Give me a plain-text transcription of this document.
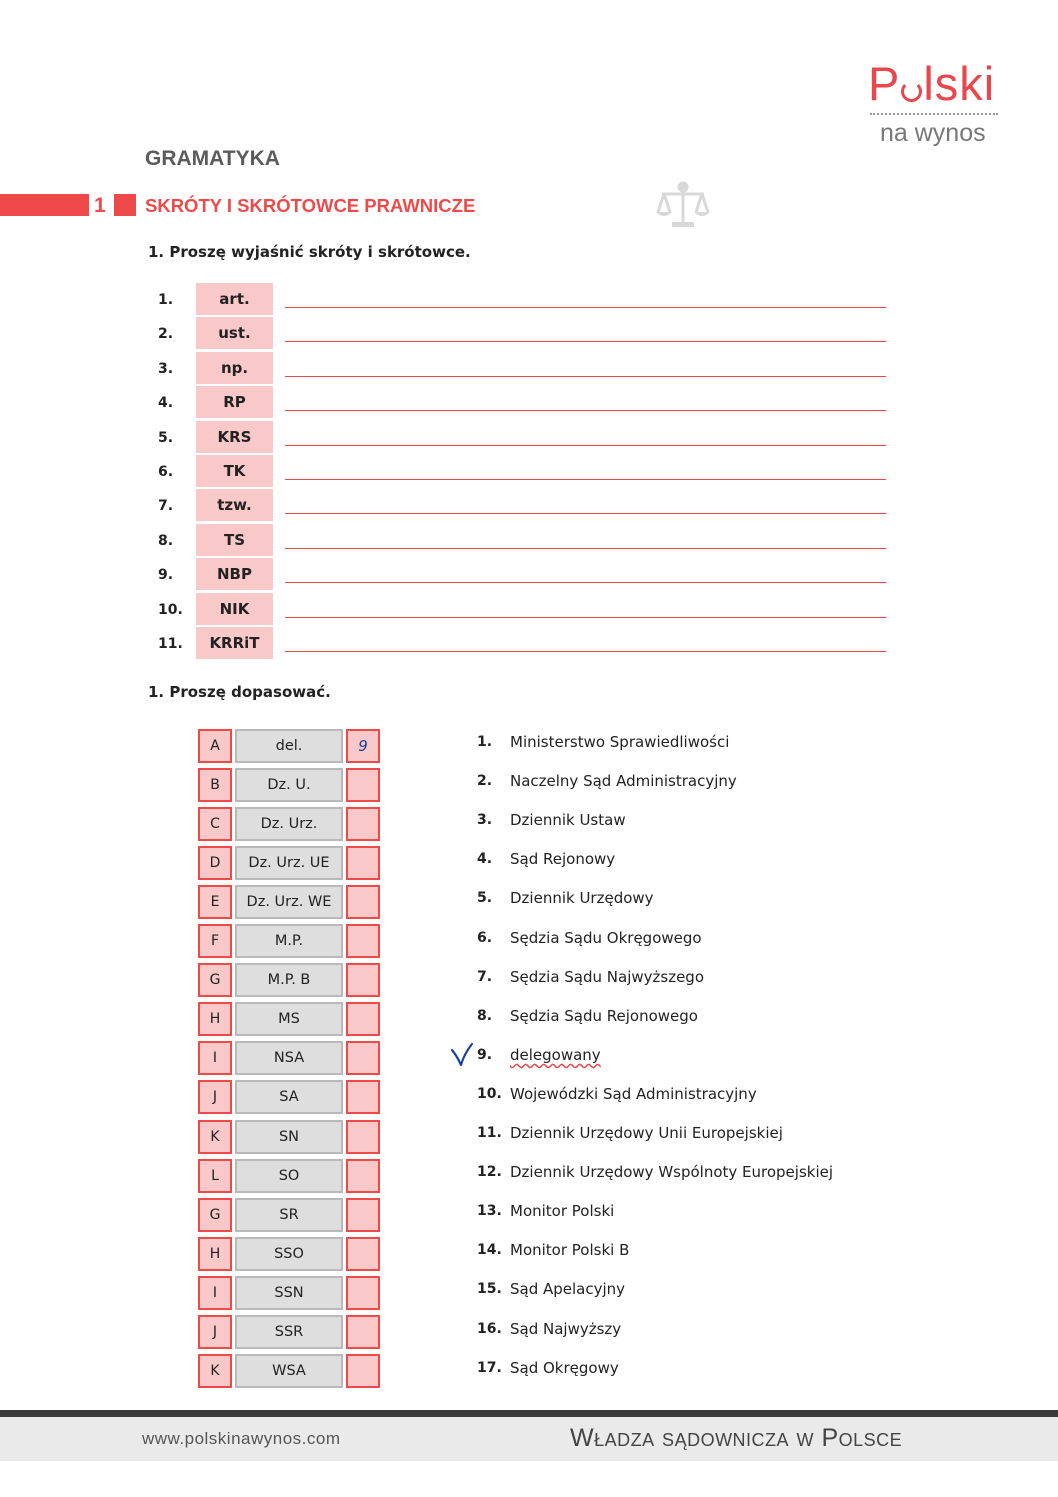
P lski
na wynos
GRAMATYKA
1 SKRÓTY I SKRÓTOWCE PRAWNICZE
1. Proszę wyjaśnić skróty i skrótowce.
1.	art.
2.	ust.
3.	np.
4.	RP
5.	KRS
6.	TK
7.	tzw.
8.	TS
9.	NBP
10.	NIK
11.	KRRiT
1. Proszę dopasować.
A	del.	9
B	Dz. U.
C	Dz. Urz.
D	Dz. Urz. UE
E	Dz. Urz. WE
F	M.P.
G	M.P. B
H	MS
I	NSA
J	SA
K	SN
L	SO
G	SR
H	SSO
I	SSN
J	SSR
K	WSA
1.	Ministerstwo Sprawiedliwości
2.	Naczelny Sąd Administracyjny
3.	Dziennik Ustaw
4.	Sąd Rejonowy
5.	Dziennik Urzędowy
6.	Sędzia Sądu Okręgowego
7.	Sędzia Sądu Najwyższego
8.	Sędzia Sądu Rejonowego
9.	delegowany
10. Wojewódzki Sąd Administracyjny
11. Dziennik Urzędowy Unii Europejskiej
12. Dziennik Urzędowy Wspólnoty Europejskiej
13. Monitor Polski
14. Monitor Polski B
15. Sąd Apelacyjny
16. Sąd Najwyższy
17. Sąd Okręgowy
www.polskinawynos.com	Władza sądownicza w Polsce
